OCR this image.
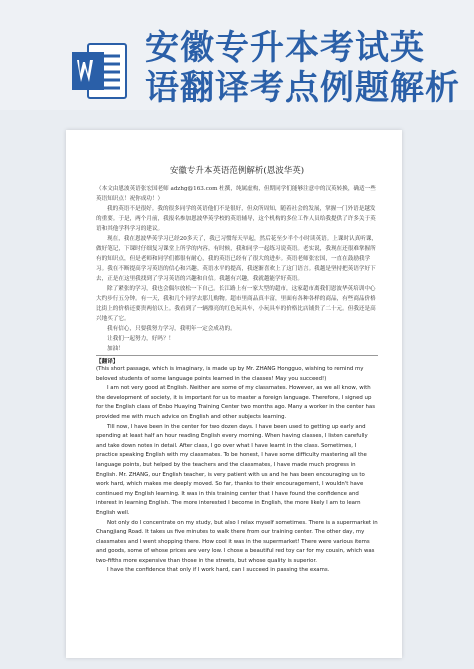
安徽专升本考试英
语翻译考点例题解析
安徽专升本英语范例解析(恩波华英)

（本文由恩波英语张宏国老师 adzhg@163.com 杜撰，纯属虚构，但期同学们能够注意中的汉英转换，确适一些英语知识点！祝你成功！）

我的英语不是很好。我的很多同学的英语他们不是很好，但众所周知，随着社会的发展，掌握一门外语是越发的重要。于是，两个月前，我报名参加恩波华英学校的英语辅导，这个机构的多位工作人员给我提供了许多关于英语和其他学科学习的建议。

现在，我在恩波华英学习已经20多天了，我已习惯每天早起，然后花至少半个小时读英语。上课时认真听课，做好笔记，下课时仔细复习课堂上所学的内容。有时候，我和同学一起练习说英语。老实说，我现在还很难掌握所有的知识点，但是老师和同学们都很有耐心，我的英语已经有了很大的进步。英语老师张宏国，一直在鼓励我学习。我在不断提高学习英语的信心和兴趣。英语水平的提高，我逐渐喜欢上了这门语言。我越是坚持把英语学好下去，正是在这里我找到了学习英语的兴趣和自信。我越有兴趣，我就越能学好英语。

除了紧张的学习，我也会偶尔放松一下自己。长江路上有一家大型的超市，这家超市离我们恩波华英培训中心大约步行五分钟。有一天，我和几个同学去那儿购物。超市里商品真丰富，里面有各种各样的商品，有些商品价格比街上的价格还要贵两倍以上。我看到了一辆漂亮的红色玩具车，小玩具车的价格比店铺贵了二十元。但我还是高兴地买了它。

我有信心，只要我努力学习，我明年一定会成功的。

让我们一起努力，好吗？！

加油！

【翻译】

(This short passage, which is imaginary, is made up by Mr. ZHANG Hongguo, wishing to remind my beloved students of some language points learned in the classes! May you succeed!)

I am not very good at English. Neither are some of my classmates. However, as we all know, with the development of society, it is important for us to master a foreign language. Therefore, I signed up for the English class of Enbo Huaying Training Center two months ago. Many a worker in the center has provided me with much advice on English and other subjects learning.

Till now, I have been in the center for two dozen days. I have been used to getting up early and spending at least half an hour reading English every morning. When having classes, I listen carefully and take down notes in detail. After class, I go over what I have learnt in the class. Sometimes, I practice speaking English with my classmates. To be honest, I have some difficulty mastering all the language points, but helped by the teachers and the classmates, I have made much progress in English. Mr. ZHANG, our English teacher, is very patient with us and he has been encouraging us to work hard, which makes me deeply moved. So far, thanks to their encouragement, I wouldn't have continued my English learning. It was in this training center that I have found the confidence and interest in learning English. The more interested I become in English, the more likely I am to learn English well.

Not only do I concentrate on my study, but also I relax myself sometimes. There is a supermarket in Changjiang Road. It takes us five minutes to walk there from our training center. The other day, my classmates and I went shopping there. How cool it was in the supermarket! There were various items and goods, some of whose prices are very low. I chose a beautiful red toy car for my cousin, which was two-fifths more expensive than those in the streets, but whose quality is superior.

I have the confidence that only if I work hard, can I succeed in passing the exams.
